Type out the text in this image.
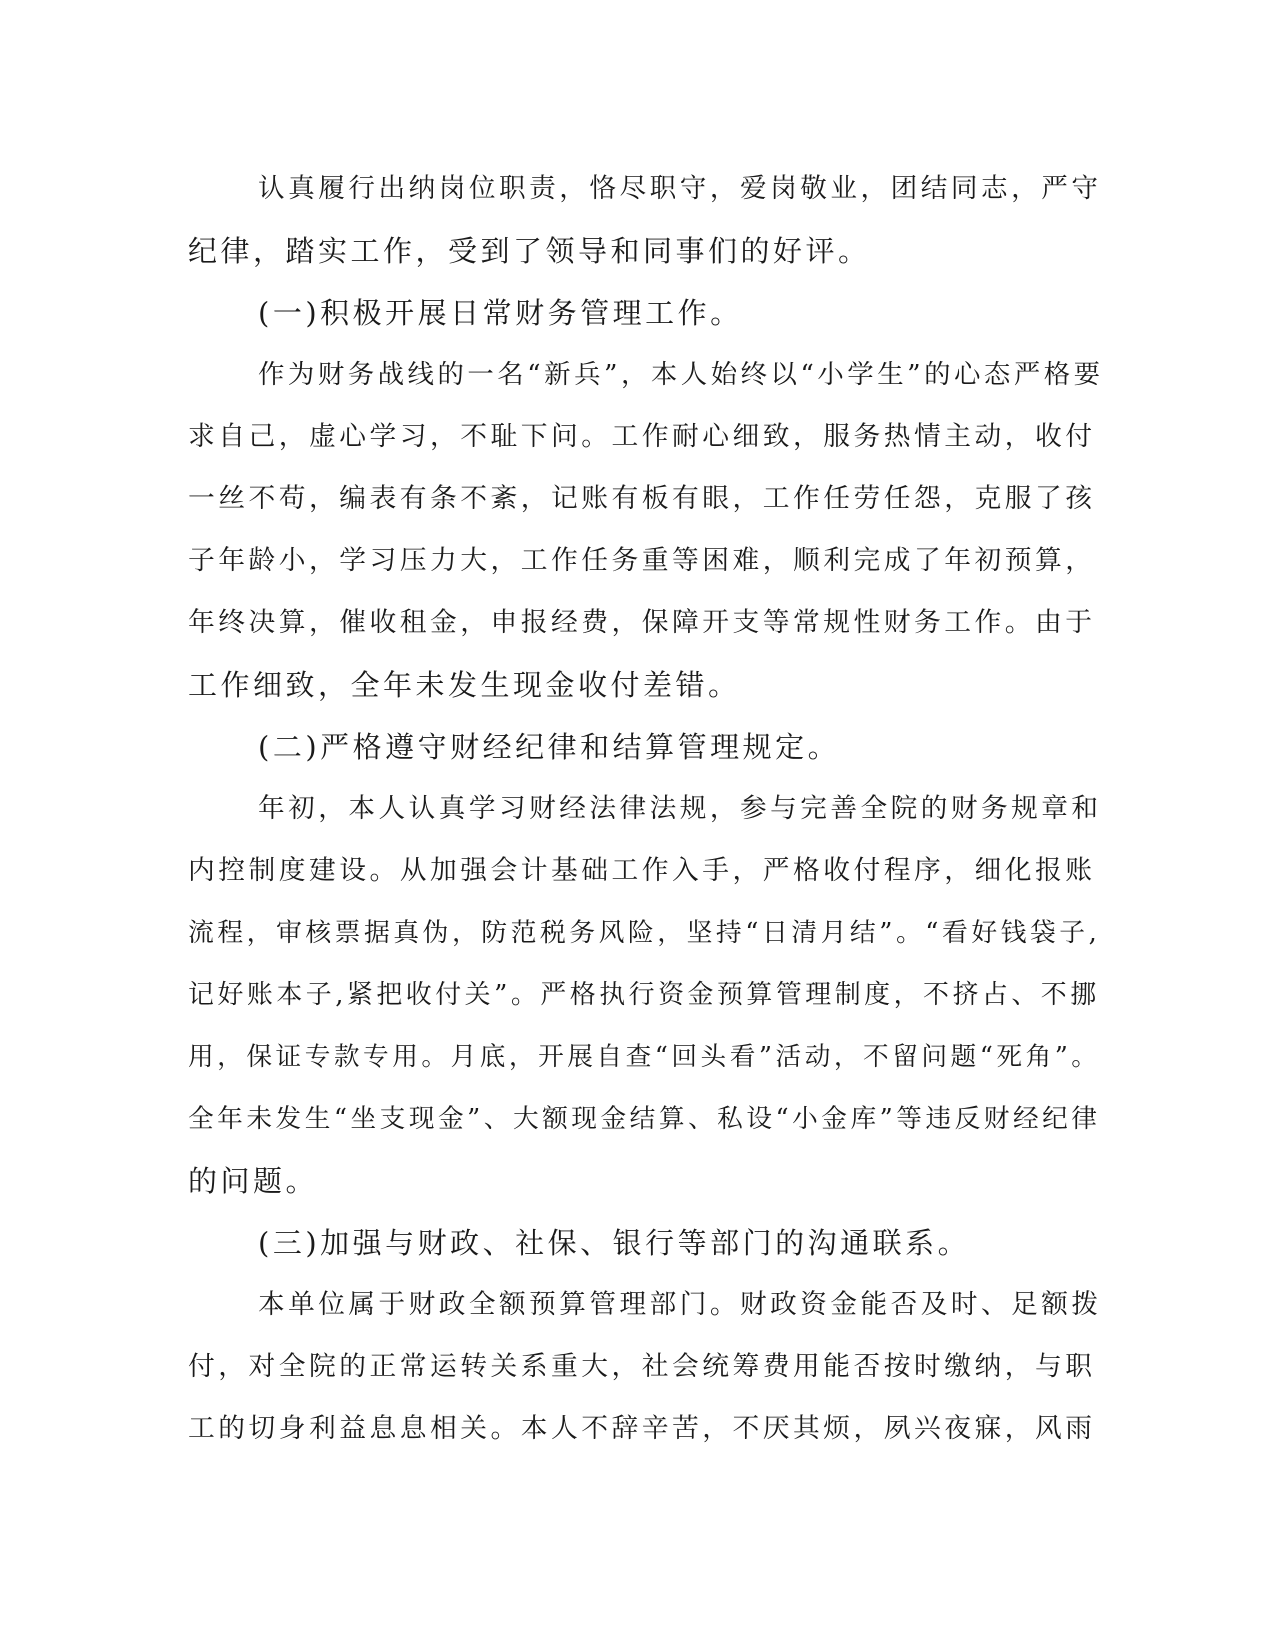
认真履行出纳岗位职责，恪尽职守，爱岗敬业，团结同志，严守
纪律，踏实工作，受到了领导和同事们的好评。
(一)积极开展日常财务管理工作。
作为财务战线的一名“新兵”，本人始终以“小学生”的心态严格要
求自己，虚心学习，不耻下问。工作耐心细致，服务热情主动，收付
一丝不苟，编表有条不紊，记账有板有眼，工作任劳任怨，克服了孩
子年龄小，学习压力大，工作任务重等困难，顺利完成了年初预算，
年终决算，催收租金，申报经费，保障开支等常规性财务工作。由于
工作细致，全年未发生现金收付差错。
(二)严格遵守财经纪律和结算管理规定。
年初，本人认真学习财经法律法规，参与完善全院的财务规章和
内控制度建设。从加强会计基础工作入手，严格收付程序，细化报账
流程，审核票据真伪，防范税务风险，坚持“日清月结”。“看好钱袋子,
记好账本子,紧把收付关”。严格执行资金预算管理制度，不挤占、不挪
用，保证专款专用。月底，开展自查“回头看”活动，不留问题“死角”。
全年未发生“坐支现金”、大额现金结算、私设“小金库”等违反财经纪律
的问题。
(三)加强与财政、社保、银行等部门的沟通联系。
本单位属于财政全额预算管理部门。财政资金能否及时、足额拨
付，对全院的正常运转关系重大，社会统筹费用能否按时缴纳，与职
工的切身利益息息相关。本人不辞辛苦，不厌其烦，夙兴夜寐，风雨
